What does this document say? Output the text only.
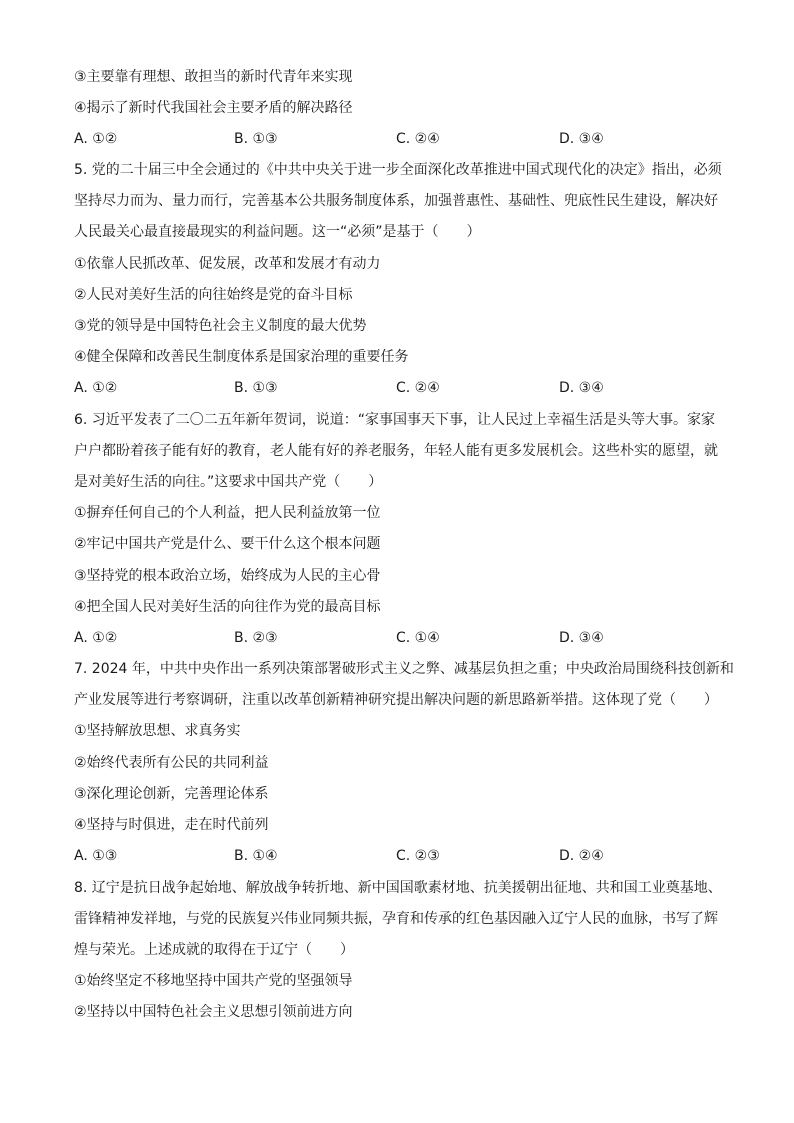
③主要靠有理想、敢担当的新时代青年来实现
④揭示了新时代我国社会主要矛盾的解决路径
A. ①②	B. ①③	C. ②④	D. ③④
5. 党的二十届三中全会通过的《中共中央关于进一步全面深化改革推进中国式现代化的决定》指出，必须
坚持尽力而为、量力而行，完善基本公共服务制度体系，加强普惠性、基础性、兜底性民生建设，解决好
人民最关心最直接最现实的利益问题。这一“必须”是基于（　　）
①依靠人民抓改革、促发展，改革和发展才有动力
②人民对美好生活的向往始终是党的奋斗目标
③党的领导是中国特色社会主义制度的最大优势
④健全保障和改善民生制度体系是国家治理的重要任务
A. ①②	B. ①③	C. ②④	D. ③④
6. 习近平发表了二〇二五年新年贺词，说道：“家事国事天下事，让人民过上幸福生活是头等大事。家家
户户都盼着孩子能有好的教育，老人能有好的养老服务，年轻人能有更多发展机会。这些朴实的愿望，就
是对美好生活的向往。”这要求中国共产党（　　）
①摒弃任何自己的个人利益，把人民利益放第一位
②牢记中国共产党是什么、要干什么这个根本问题
③坚持党的根本政治立场，始终成为人民的主心骨
④把全国人民对美好生活的向往作为党的最高目标
A. ①②	B. ②③	C. ①④	D. ③④
7. 2024 年，中共中央作出一系列决策部署破形式主义之弊、减基层负担之重；中央政治局围绕科技创新和
产业发展等进行考察调研，注重以改革创新精神研究提出解决问题的新思路新举措。这体现了党（　　）
①坚持解放思想、求真务实
②始终代表所有公民的共同利益
③深化理论创新，完善理论体系
④坚持与时俱进，走在时代前列
A. ①③	B. ①④	C. ②③	D. ②④
8. 辽宁是抗日战争起始地、解放战争转折地、新中国国歌素材地、抗美援朝出征地、共和国工业奠基地、
雷锋精神发祥地，与党的民族复兴伟业同频共振，孕育和传承的红色基因融入辽宁人民的血脉，书写了辉
煌与荣光。上述成就的取得在于辽宁（　　）
①始终坚定不移地坚持中国共产党的坚强领导
②坚持以中国特色社会主义思想引领前进方向
